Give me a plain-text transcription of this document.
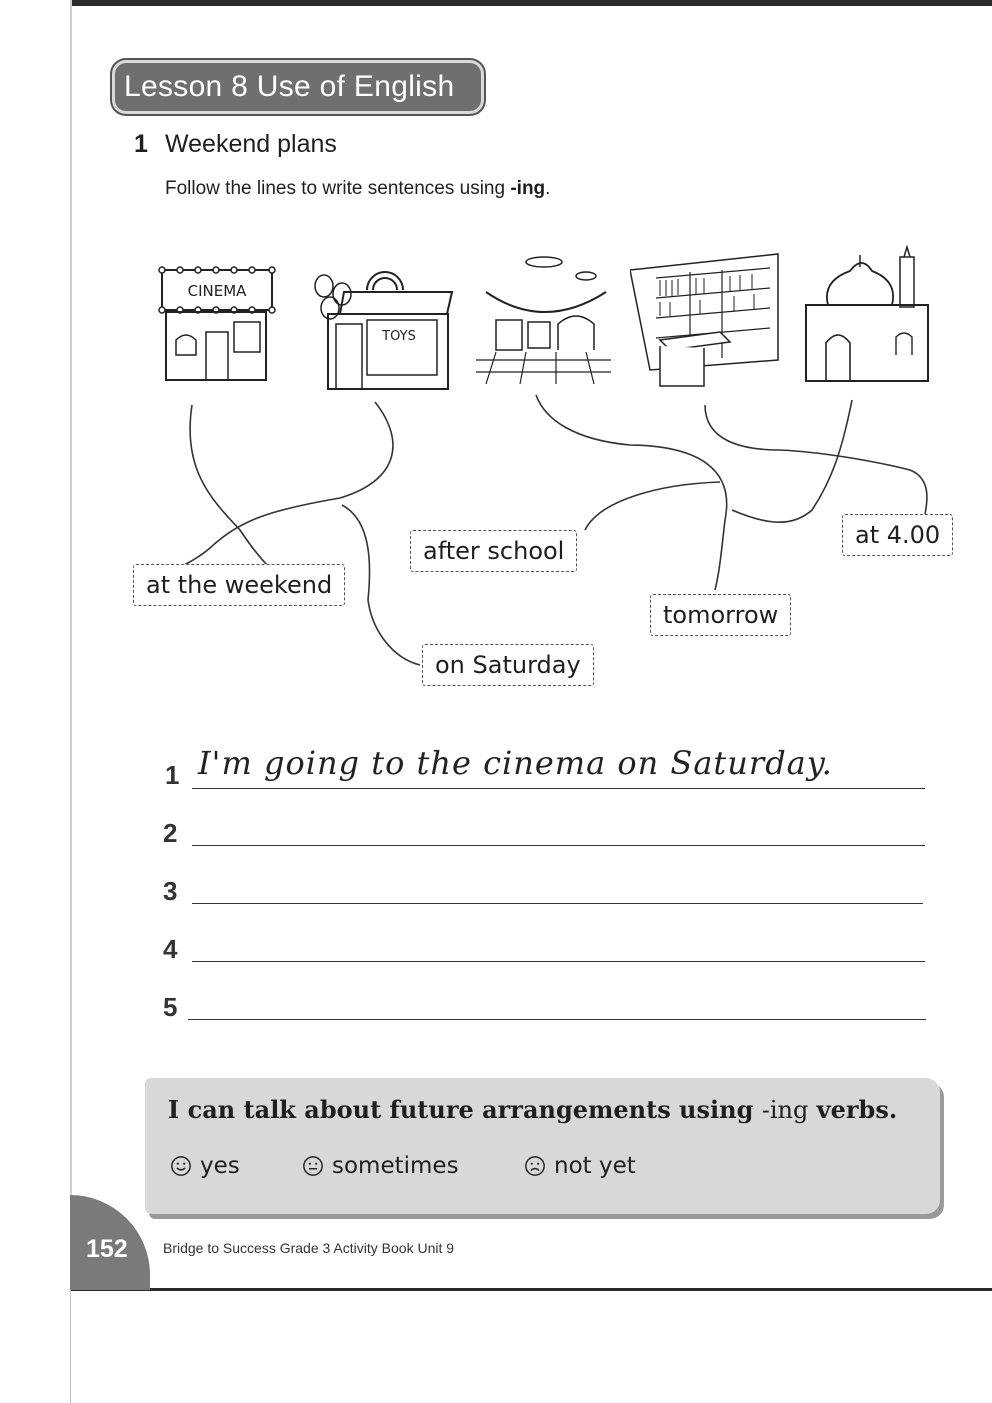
Lesson 8 Use of English
1 Weekend plans
Follow the lines to write sentences using -ing.
CINEMA
TOYS
at the weekend
after school
on Saturday
tomorrow
at 4.00
1 I'm going to the cinema on Saturday.
2
3
4
5
I can talk about future arrangements using -ing verbs.
yes	sometimes	not yet
152	Bridge to Success Grade 3 Activity Book Unit 9
